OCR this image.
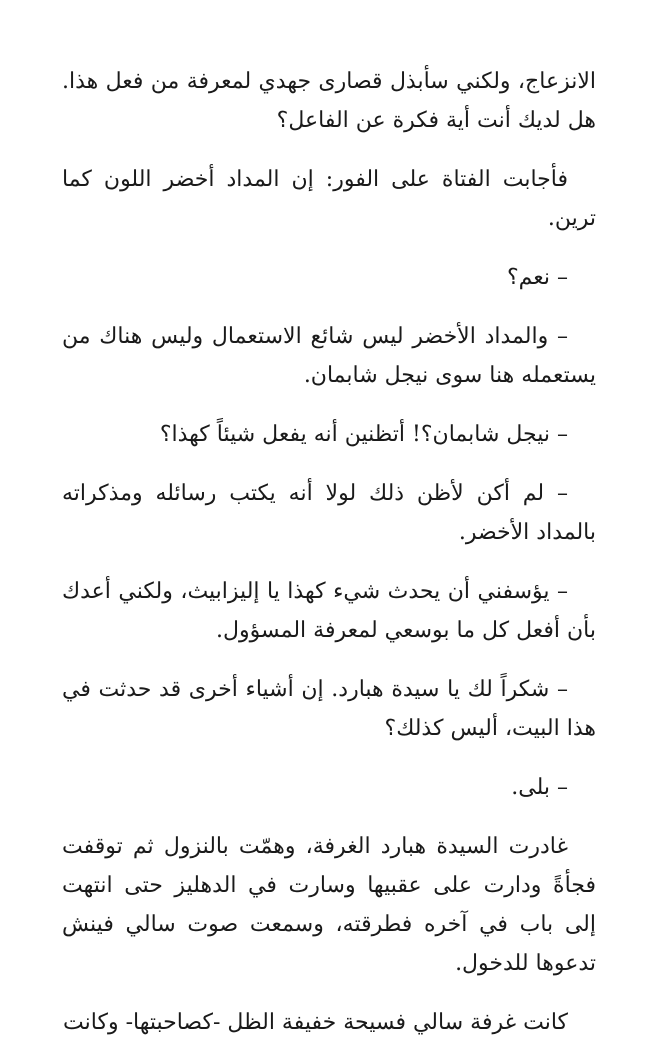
الانزعاج، ولكني سأبذل قصارى جهدي لمعرفة من فعل هذا. هل لديك أنت أية فكرة عن الفاعل؟

فأجابت الفتاة على الفور: إن المداد أخضر اللون كما ترين.

– نعم؟

– والمداد الأخضر ليس شائع الاستعمال وليس هناك من يستعمله هنا سوى نيجل شابمان.

– نيجل شابمان؟! أتظنين أنه يفعل شيئاً كهذا؟

– لم أكن لأظن ذلك لولا أنه يكتب رسائله ومذكراته بالمداد الأخضر.

– يؤسفني أن يحدث شيء كهذا يا إليزابيث، ولكني أعدك بأن أفعل كل ما بوسعي لمعرفة المسؤول.

– شكراً لك يا سيدة هبارد. إن أشياء أخرى قد حدثت في هذا البيت، أليس كذلك؟

– بلى.

غادرت السيدة هبارد الغرفة، وهمّت بالنزول ثم توقفت فجأةً ودارت على عقبيها وسارت في الدهليز حتى انتهت إلى باب في آخره فطرقته، وسمعت صوت سالي فينش تدعوها للدخول.

كانت غرفة سالي فسيحة خفيفة الظل -كصاحبتها- وكانت
